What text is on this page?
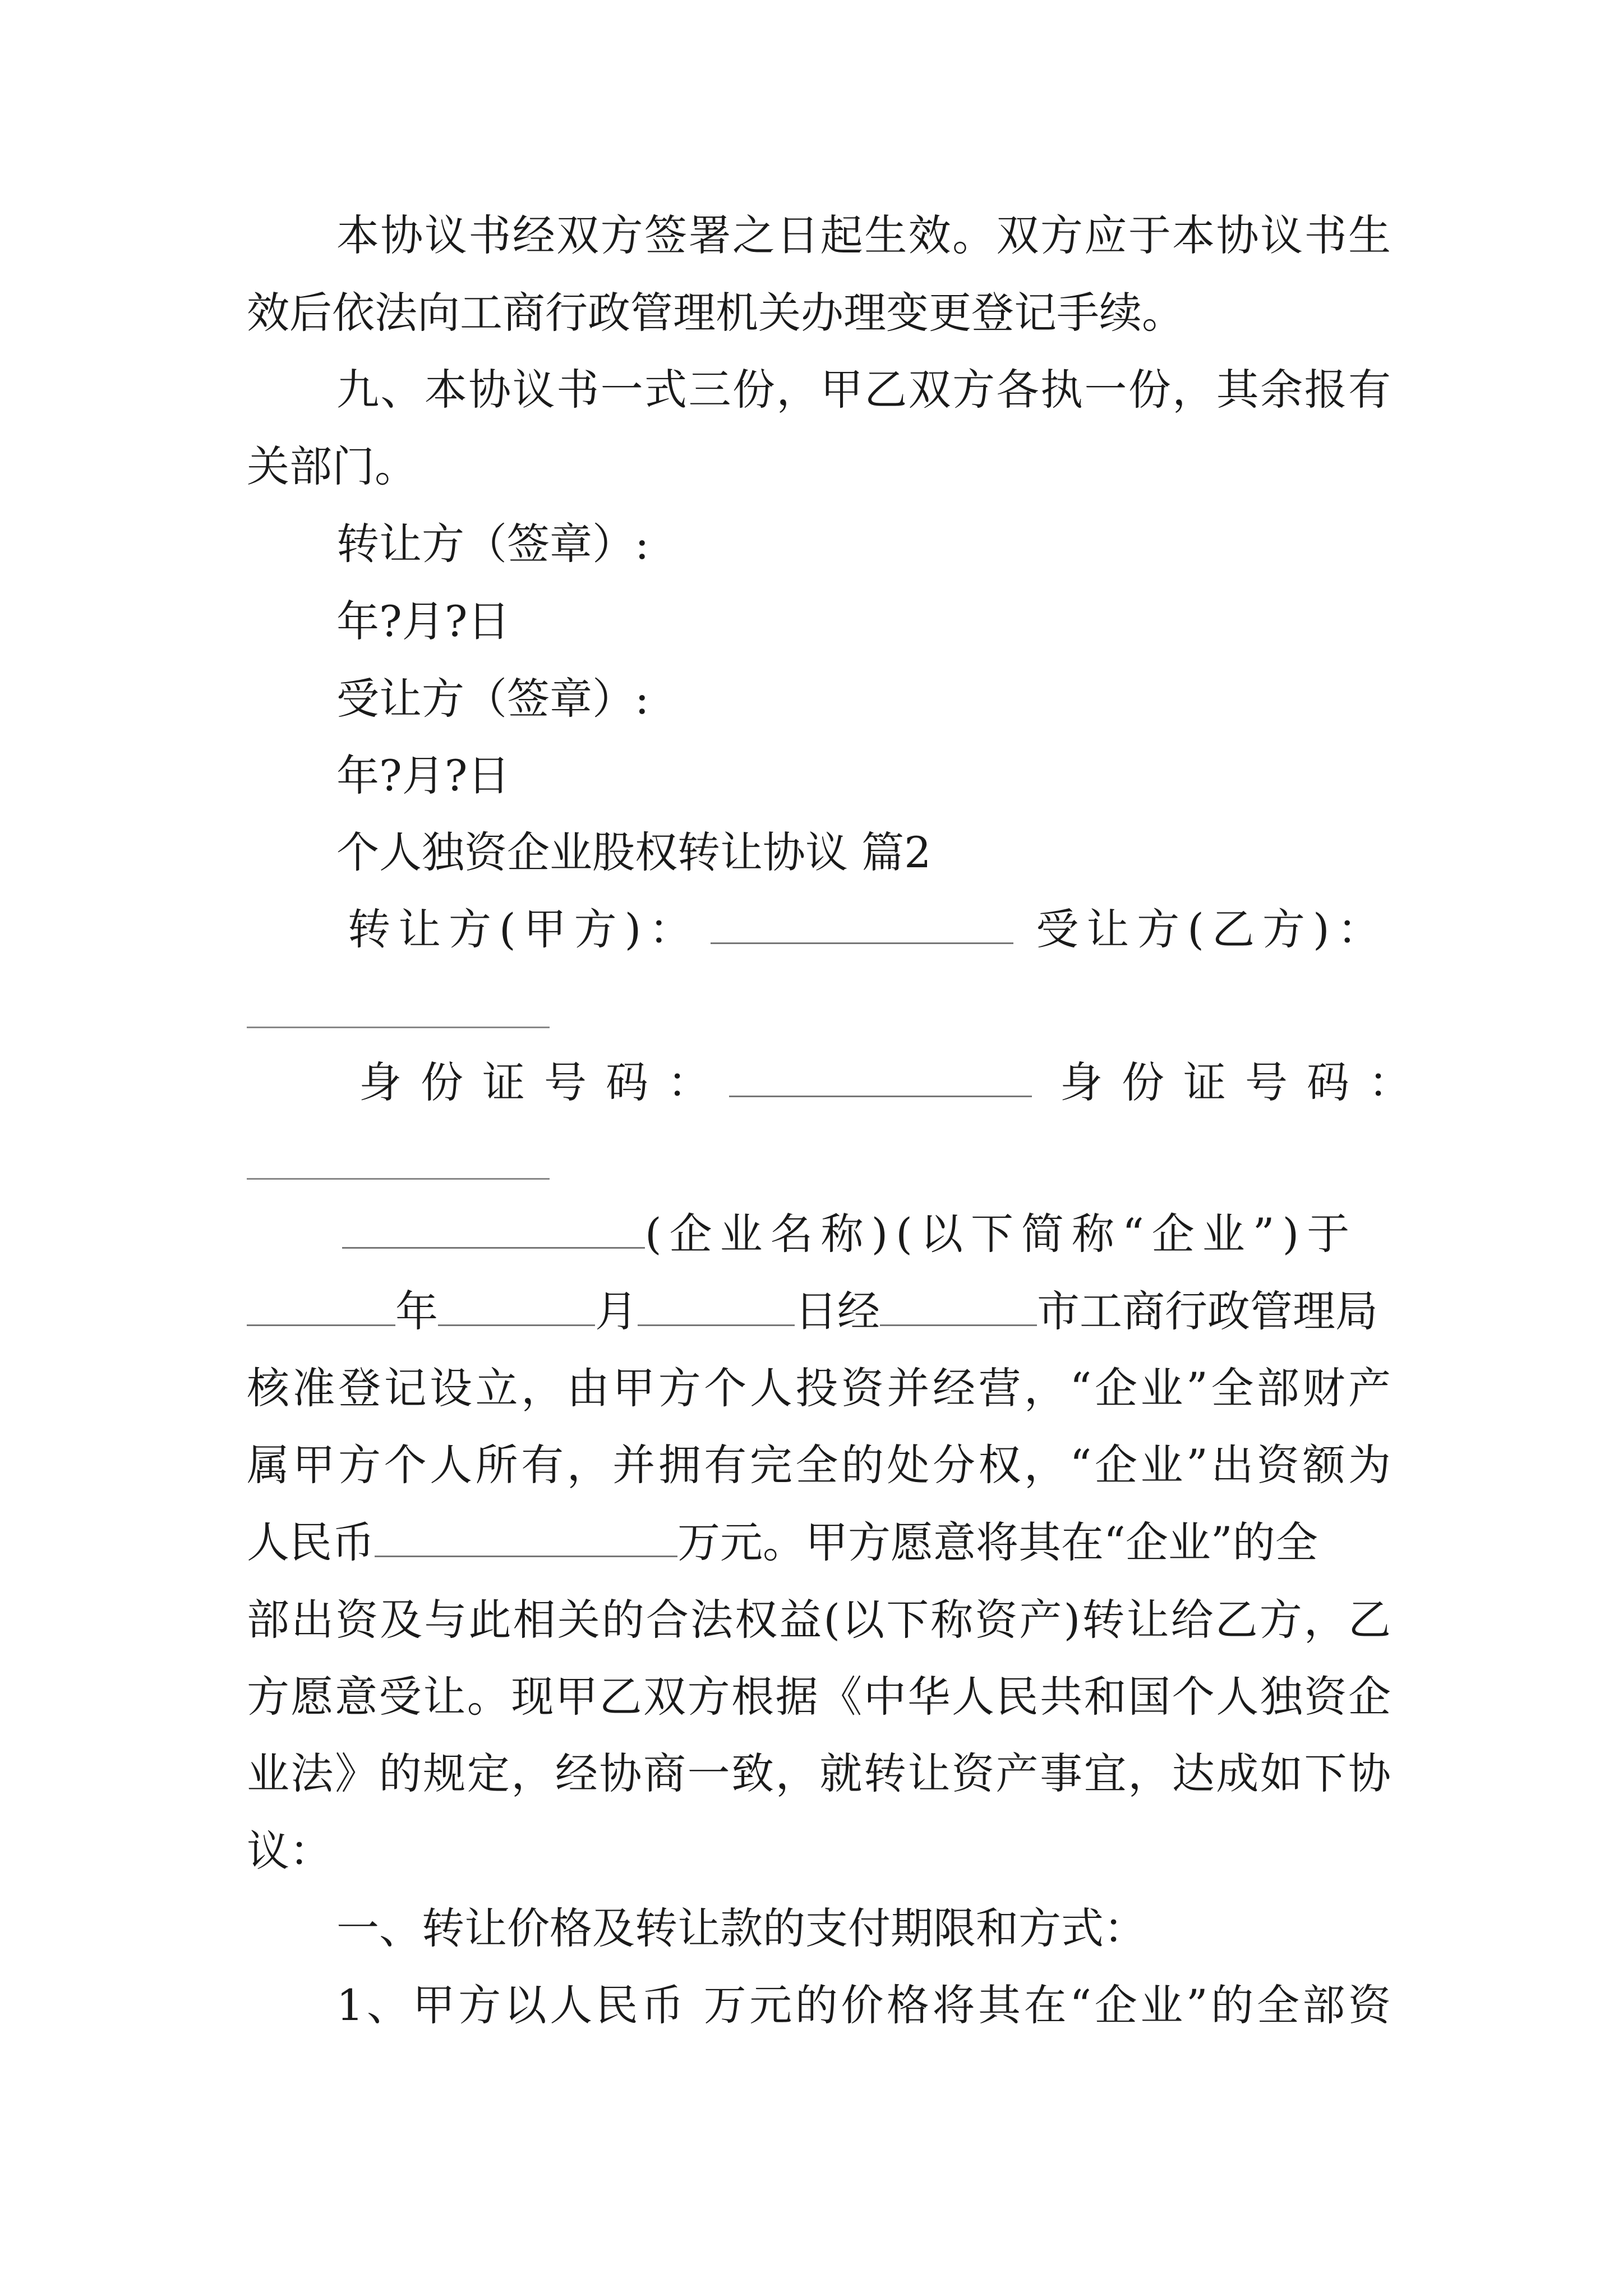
本协议书经双方签署之日起生效。双方应于本协议书生
效后依法向工商行政管理机关办理变更登记手续。
九、本协议书一式三份，甲乙双方各执一份，其余报有
关部门。
转让方（签章）:
年?月?日
受让方（签章）:
年?月?日
个人独资企业股权转让协议 篇2
转让方(甲方)：	受让方(乙方)：
身份证号码：	身份证号码：
(企业名称)(以下简称“企业”)于
年	月	日经	市工商行政管理局
核准登记设立，由甲方个人投资并经营，“企业”全部财产
属甲方个人所有，并拥有完全的处分权，“企业”出资额为
人民币	万元。甲方愿意将其在“企业”的全
部出资及与此相关的合法权益(以下称资产)转让给乙方，乙
方愿意受让。现甲乙双方根据《中华人民共和国个人独资企
业法》的规定，经协商一致，就转让资产事宜，达成如下协
议：
一、转让价格及转让款的支付期限和方式：
1、甲方以人民币 万元的价格将其在“企业”的全部资
